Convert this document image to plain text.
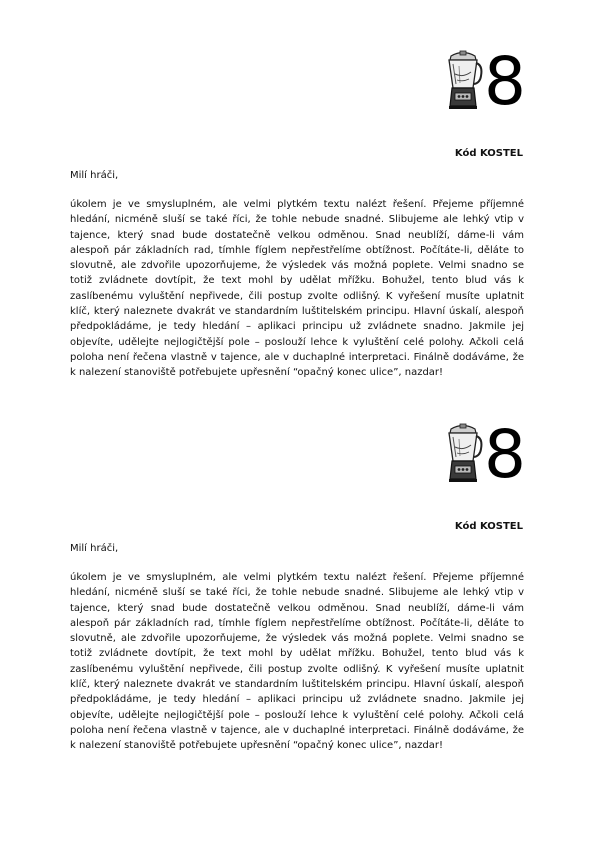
8
Kód KOSTEL
Milí hráči,
úkolem je ve smysluplném, ale velmi plytkém textu nalézt řešení. Přejeme příjemné hledání, nicméně sluší se také říci, že tohle nebude snadné. Slibujeme ale lehký vtip v tajence, který snad bude dostatečně velkou odměnou. Snad neublíží, dáme-li vám alespoň pár základních rad, tímhle fíglem nepřestřelíme obtížnost. Počítáte-li, děláte to slovutně, ale zdvořile upozorňujeme, že výsledek vás možná poplete. Velmi snadno se totiž zvládnete dovtípit, že text mohl by udělat mřížku. Bohužel, tento blud vás k zaslíbenému vyluštění nepřivede, čili postup zvolte odlišný. K vyřešení musíte uplatnit klíč, který naleznete dvakrát ve standardním luštitelském principu. Hlavní úskalí, alespoň předpokládáme, je tedy hledání – aplikaci principu už zvládnete snadno. Jakmile jej objevíte, udělejte nejlogičtější pole – poslouží lehce k vyluštění celé polohy. Ačkoli celá poloha není řečena vlastně v tajence, ale v duchaplné interpretaci. Finálně dodáváme, že k nalezení stanoviště potřebujete upřesnění “opačný konec ulice”, nazdar!
8
Kód KOSTEL
Milí hráči,
úkolem je ve smysluplném, ale velmi plytkém textu nalézt řešení. Přejeme příjemné hledání, nicméně sluší se také říci, že tohle nebude snadné. Slibujeme ale lehký vtip v tajence, který snad bude dostatečně velkou odměnou. Snad neublíží, dáme-li vám alespoň pár základních rad, tímhle fíglem nepřestřelíme obtížnost. Počítáte-li, děláte to slovutně, ale zdvořile upozorňujeme, že výsledek vás možná poplete. Velmi snadno se totiž zvládnete dovtípit, že text mohl by udělat mřížku. Bohužel, tento blud vás k zaslíbenému vyluštění nepřivede, čili postup zvolte odlišný. K vyřešení musíte uplatnit klíč, který naleznete dvakrát ve standardním luštitelském principu. Hlavní úskalí, alespoň předpokládáme, je tedy hledání – aplikaci principu už zvládnete snadno. Jakmile jej objevíte, udělejte nejlogičtější pole – poslouží lehce k vyluštění celé polohy. Ačkoli celá poloha není řečena vlastně v tajence, ale v duchaplné interpretaci. Finálně dodáváme, že k nalezení stanoviště potřebujete upřesnění “opačný konec ulice”, nazdar!
